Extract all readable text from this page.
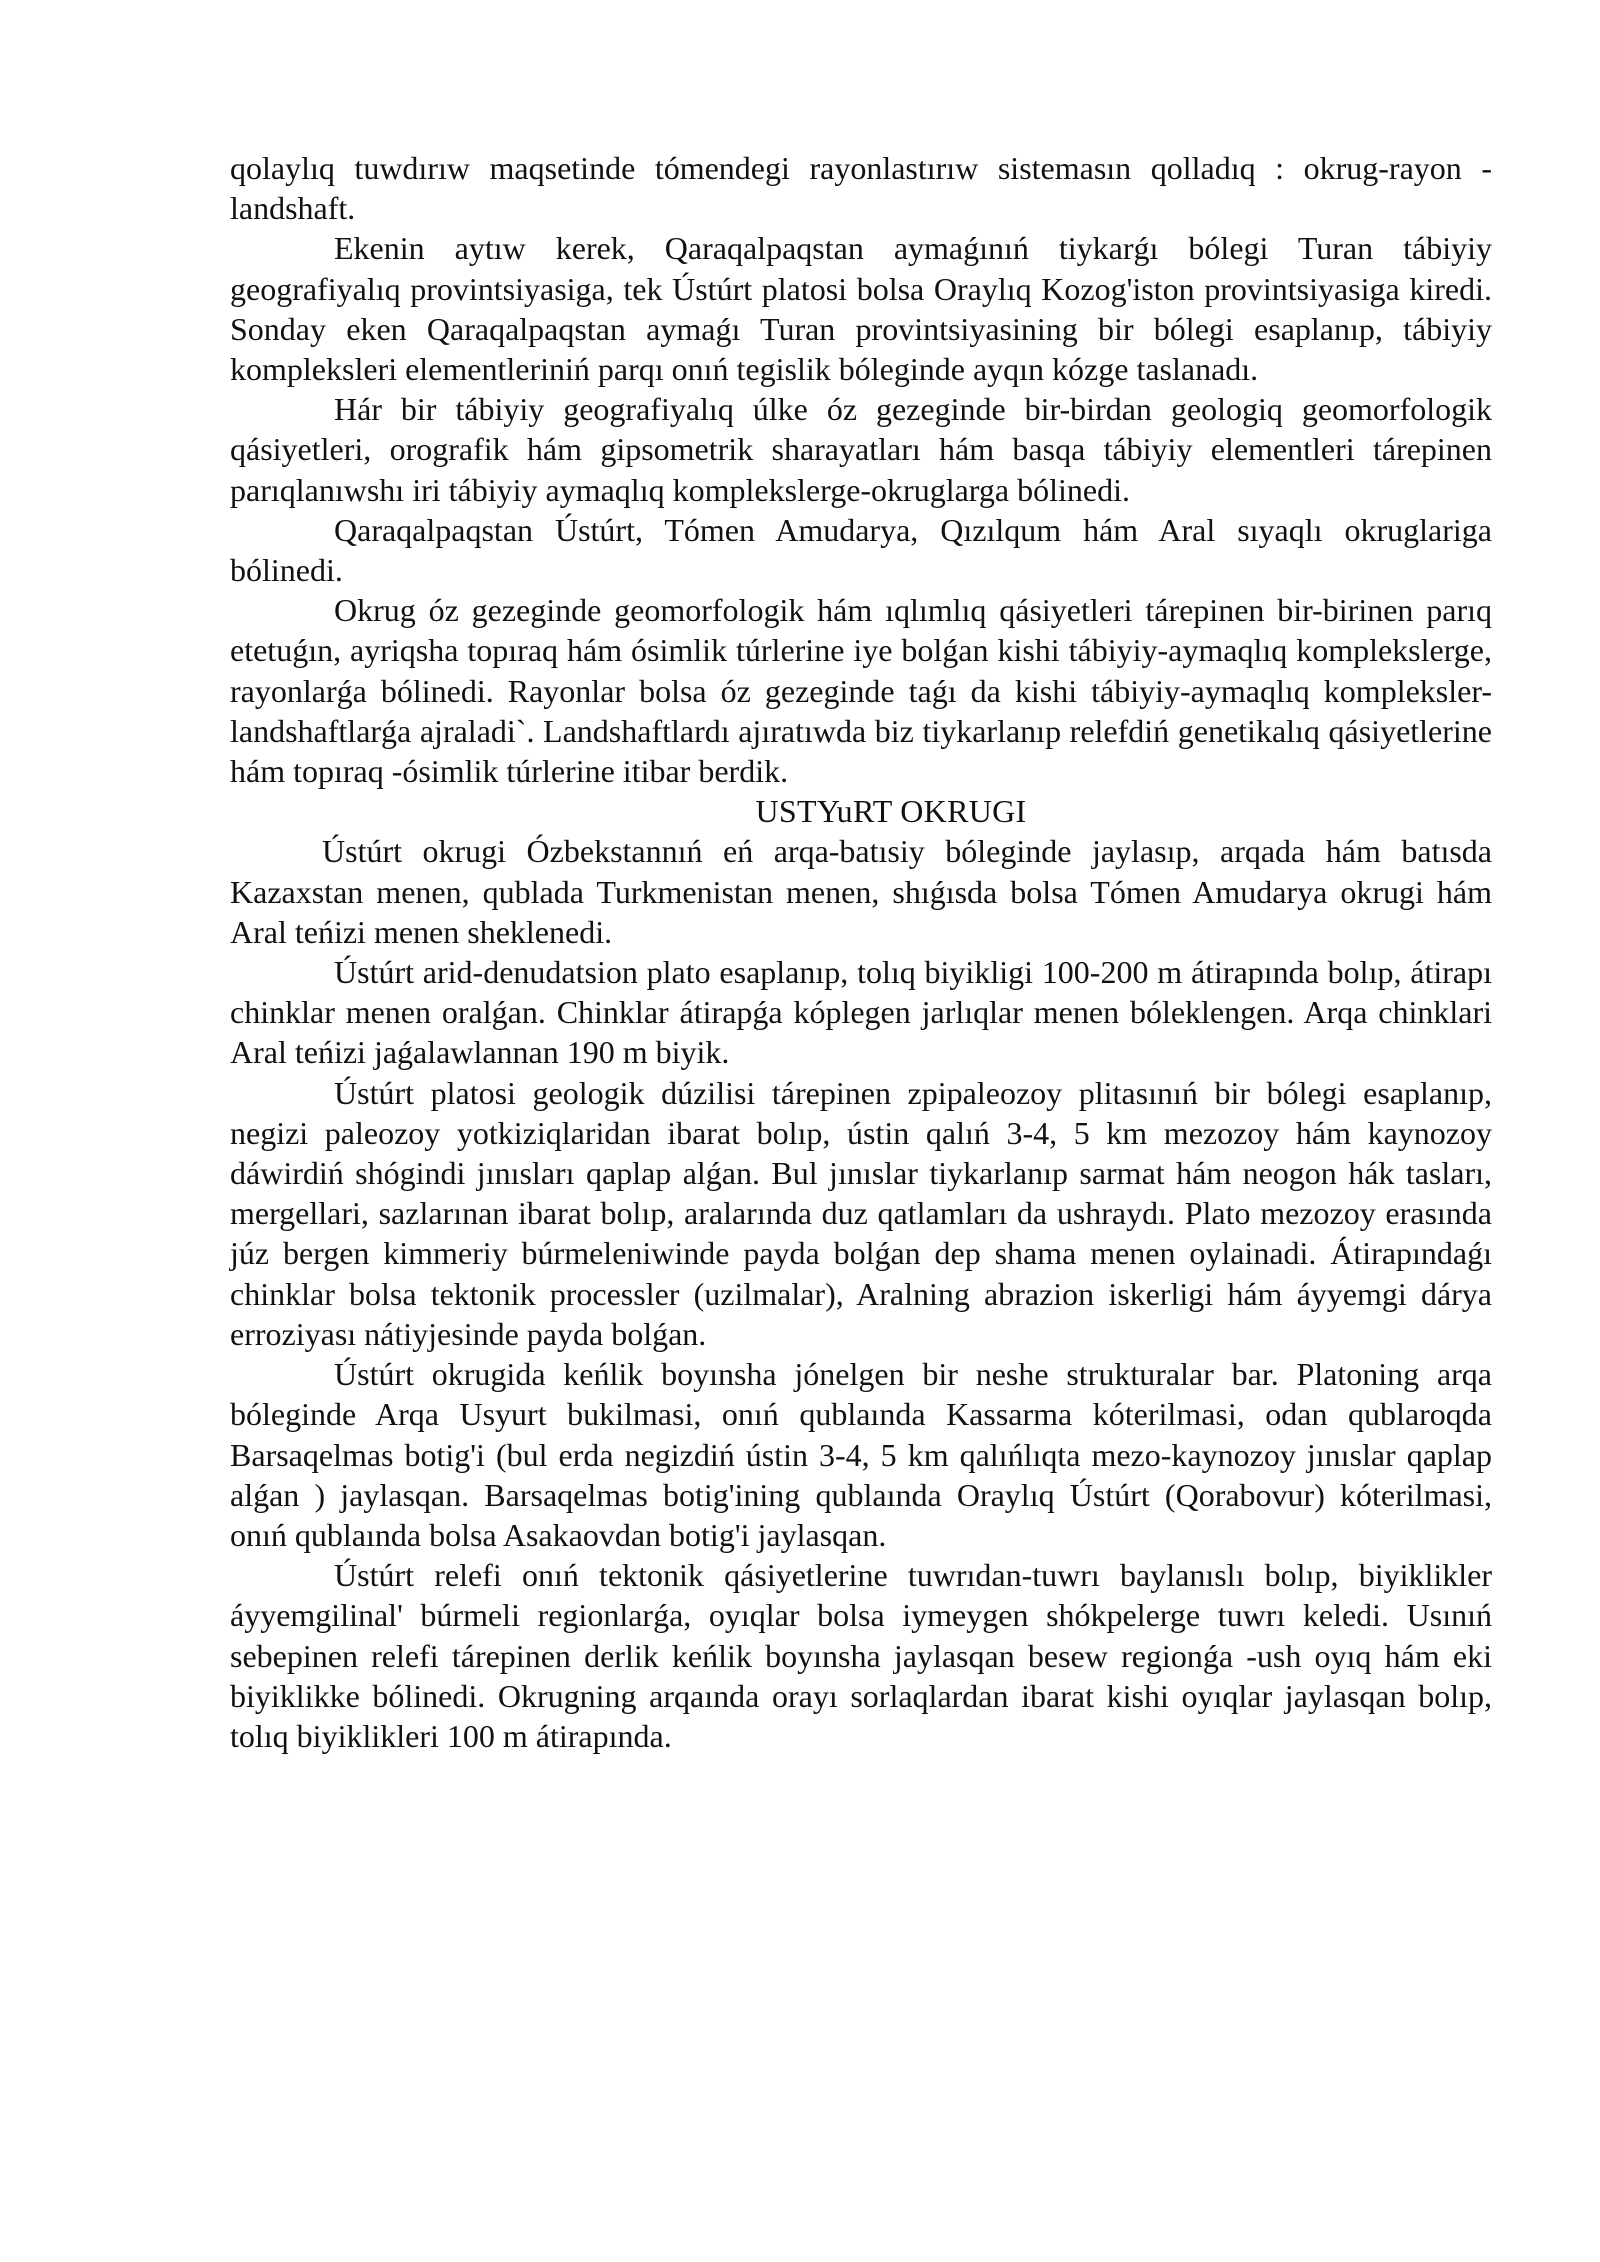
qolaylıq tuwdırıw maqsetinde tómendegi rayonlastırıw sistemasın qolladıq : okrug-rayon -landshaft.

Ekenin aytıw kerek, Qaraqalpaqstan aymaǵınıń tiykarǵı bólegi Turan tábiyiy geografiyalıq provintsiyasiga, tek Ústúrt platosi bolsa Oraylıq Kozog'iston provintsiyasiga kiredi. Sonday eken Qaraqalpaqstan aymaǵı Turan provintsiyasining bir bólegi esaplanıp, tábiyiy kompleksleri elementleriniń parqı onıń tegislik bóleginde ayqın kózge taslanadı.

Hár bir tábiyiy geografiyalıq úlke óz gezeginde bir-birdan geologiq geomorfologik qásiyetleri, orografik hám gipsometrik sharayatları hám basqa tábiyiy elementleri tárepinen parıqlanıwshı iri tábiyiy aymaqlıq komplekslerge-okruglarga bólinedi.

Qaraqalpaqstan Ústúrt, Tómen Amudarya, Qızılqum hám Aral sıyaqlı okruglariga bólinedi.

Okrug óz gezeginde geomorfologik hám ıqlımlıq qásiyetleri tárepinen bir-birinen parıq etetuǵın, ayriqsha topıraq hám ósimlik túrlerine iye bolǵan kishi tábiyiy-aymaqlıq komplekslerge, rayonlarǵa bólinedi. Rayonlar bolsa óz gezeginde taǵı da kishi tábiyiy-aymaqlıq kompleksler-landshaftlarǵa ajraladi`. Landshaftlardı ajıratıwda biz tiykarlanıp relefdiń genetikalıq qásiyetlerine hám topıraq -ósimlik túrlerine itibar berdik.

USTYuRT OKRUGI

Ústúrt okrugi Ózbekstannıń eń arqa-batısiy bóleginde jaylasıp, arqada hám batısda Kazaxstan menen, qublada Turkmenistan menen, shıǵısda bolsa Tómen Amudarya okrugi hám Aral teńizi menen sheklenedi.

Ústúrt arid-denudatsion plato esaplanıp, tolıq biyikligi 100-200 m átirapında bolıp, átirapı chinklar menen oralǵan. Chinklar átirapǵa kóplegen jarlıqlar menen bóleklengen. Arqa chinklari Aral teńizi jaǵalawlannan 190 m biyik.

Ústúrt platosi geologik dúzilisi tárepinen zpipaleozoy plitasınıń bir bólegi esaplanıp, negizi paleozoy yotkiziqlaridan ibarat bolıp, ústin qalıń 3-4, 5 km mezozoy hám kaynozoy dáwirdiń shógindi jınısları qaplap alǵan. Bul jınıslar tiykarlanıp sarmat hám neogon hák tasları, mergellari, sazlarınan ibarat bolıp, aralarında duz qatlamları da ushraydı. Plato mezozoy erasında júz bergen kimmeriy búrmeleniwinde payda bolǵan dep shama menen oylainadi. Átirapındaǵı chinklar bolsa tektonik processler (uzilmalar), Aralning abrazion iskerligi hám áyyemgi dárya erroziyası nátiyjesinde payda bolǵan.

Ústúrt okrugida keńlik boyınsha jónelgen bir neshe strukturalar bar. Platoning arqa bóleginde Arqa Usyurt bukilmasi, onıń qublaında Kassarma kóterilmasi, odan qublaroqda Barsaqelmas botig'i (bul erda negizdiń ústin 3-4, 5 km qalıńlıqta mezo-kaynozoy jınıslar qaplap alǵan ) jaylasqan. Barsaqelmas botig'ining qublaında Oraylıq Ústúrt (Qorabovur) kóterilmasi, onıń qublaında bolsa Asakaovdan botig'i jaylasqan.

Ústúrt relefi onıń tektonik qásiyetlerine tuwrıdan-tuwrı baylanıslı bolıp, biyiklikler áyyemgilinal' búrmeli regionlarǵa, oyıqlar bolsa iymeygen shókpelerge tuwrı keledi. Usınıń sebepinen relefi tárepinen derlik keńlik boyınsha jaylasqan besew regionǵa -ush oyıq hám eki biyiklikke bólinedi. Okrugning arqaında orayı sorlaqlardan ibarat kishi oyıqlar jaylasqan bolıp, tolıq biyiklikleri 100 m átirapında.
